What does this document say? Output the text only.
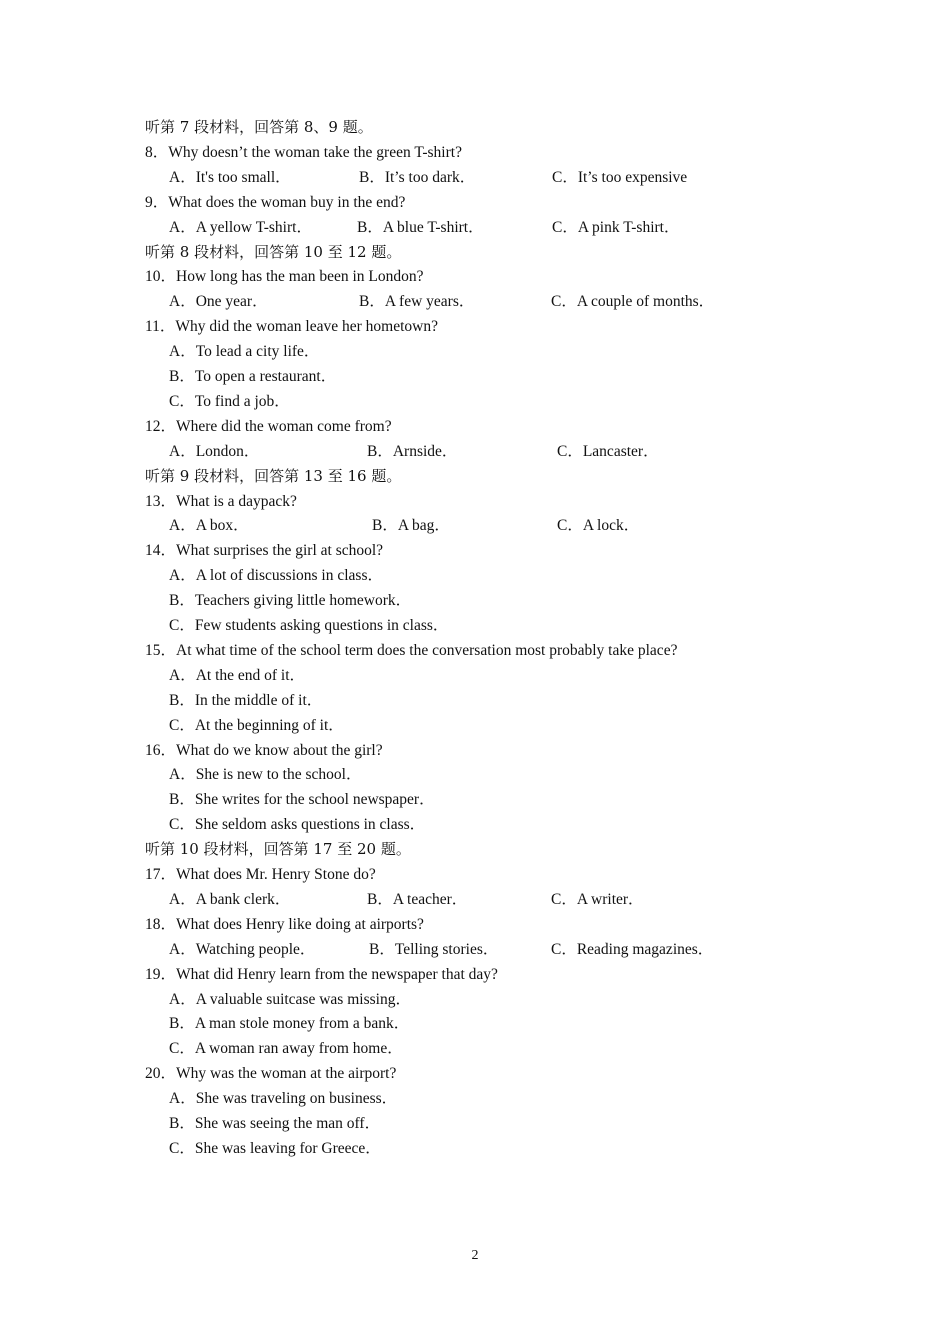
听第 7 段材料，回答第 8、9 题。
8．Why doesn’t the woman take the green T-shirt?
A．It's too small．	B．It’s too dark．	C．It’s too expensive
9．What does the woman buy in the end?
A．A yellow T-shirt．	B．A blue T-shirt．	C．A pink T-shirt．
听第 8 段材料，回答第 10 至 12 题。
10．How long has the man been in London?
A．One year．	B．A few years．	C．A couple of months．
11．Why did the woman leave her hometown?
A．To lead a city life．
B．To open a restaurant．
C．To find a job．
12．Where did the woman come from?
A．London．	B．Arnside．	C．Lancaster．
听第 9 段材料，回答第 13 至 16 题。
13．What is a daypack?
A．A box．	B．A bag．	C．A lock．
14．What surprises the girl at school?
A．A lot of discussions in class．
B．Teachers giving little homework．
C．Few students asking questions in class．
15．At what time of the school term does the conversation most probably take place?
A．At the end of it．
B．In the middle of it．
C．At the beginning of it．
16．What do we know about the girl?
A．She is new to the school．
B．She writes for the school newspaper．
C．She seldom asks questions in class．
听第 10 段材料，回答第 17 至 20 题。
17．What does Mr. Henry Stone do?
A．A bank clerk．	B．A teacher．	C．A writer．
18．What does Henry like doing at airports?
A．Watching people．	B．Telling stories．	C．Reading magazines．
19．What did Henry learn from the newspaper that day?
A．A valuable suitcase was missing．
B．A man stole money from a bank．
C．A woman ran away from home．
20．Why was the woman at the airport?
A．She was traveling on business．
B．She was seeing the man off．
C．She was leaving for Greece．
2
